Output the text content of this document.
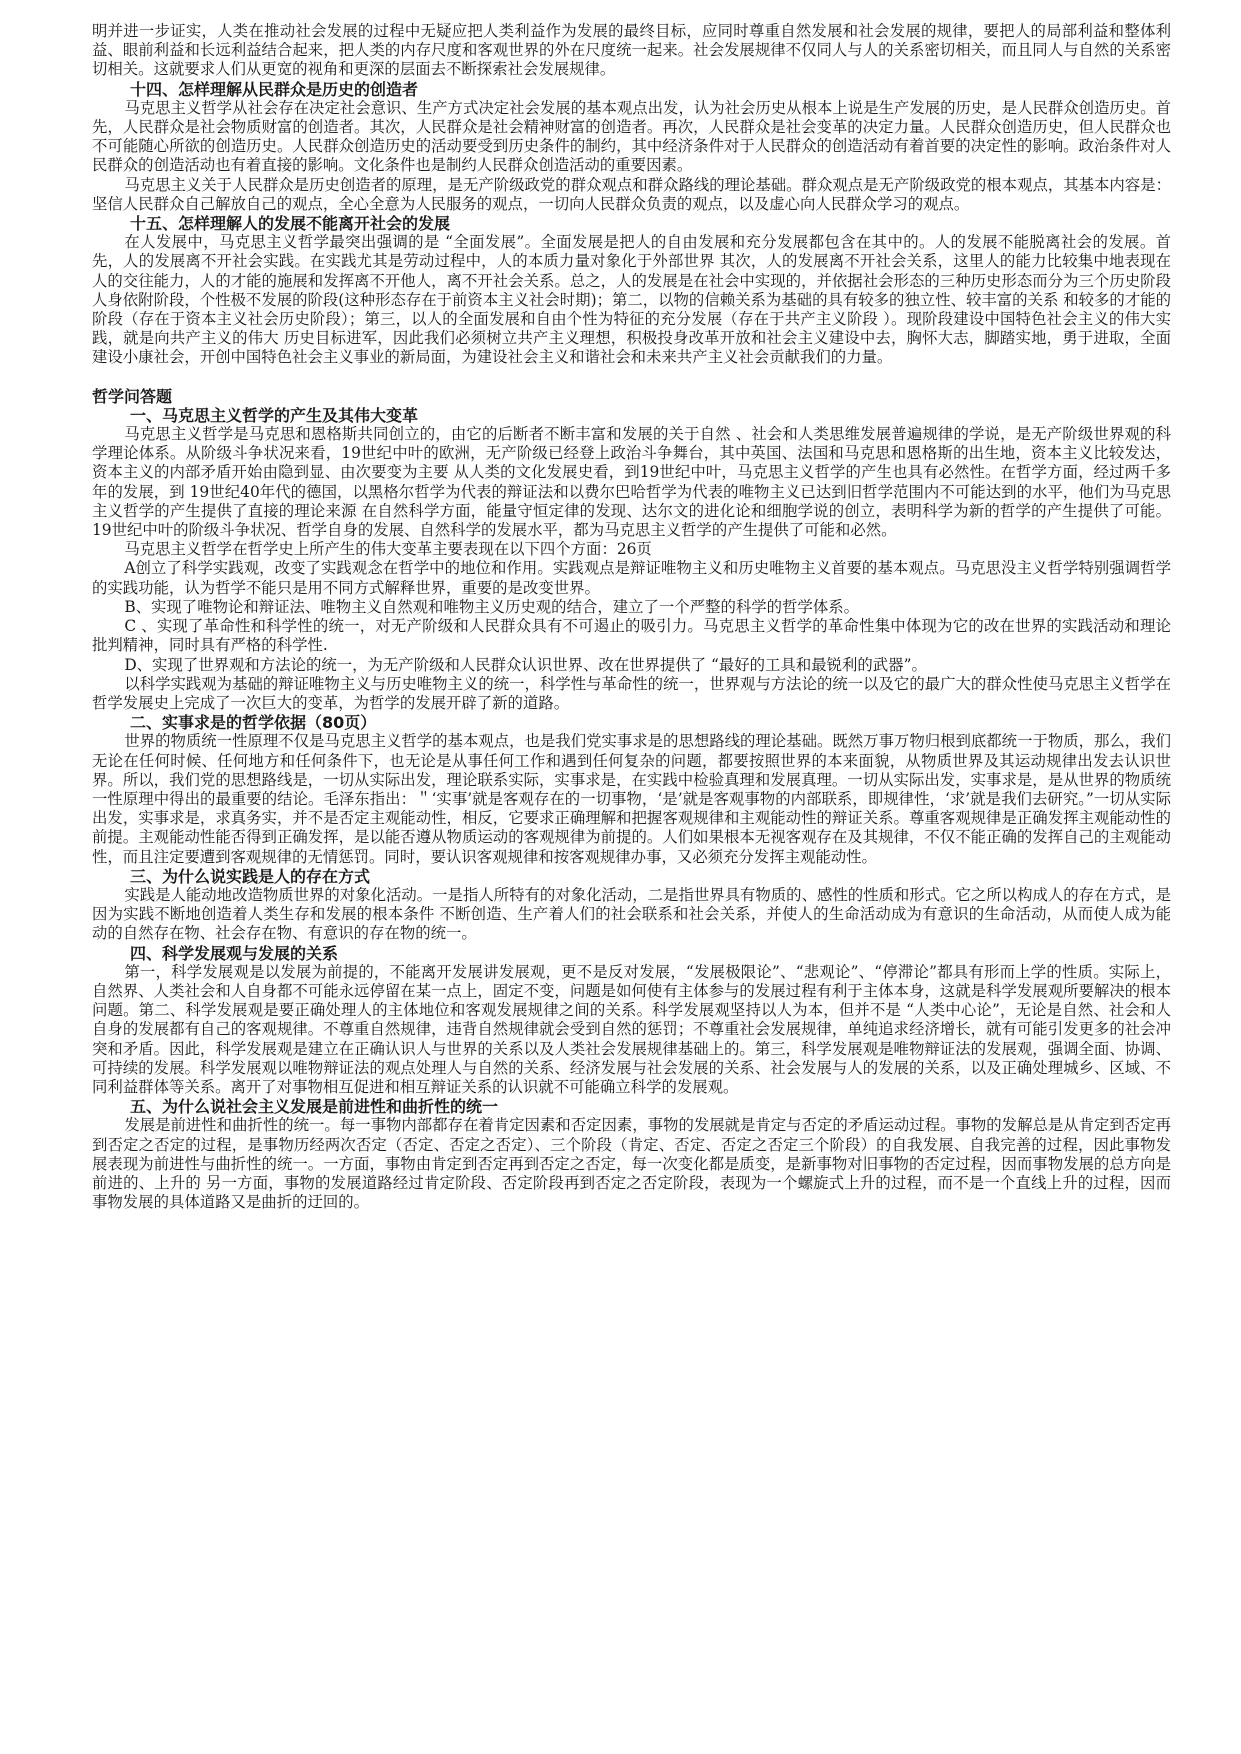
明并进一步证实，人类在推动社会发展的过程中无疑应把人类利益作为发展的最终目标，应同时尊重自然发展和社会发展的规律，要把人的局部利益和整体利益、眼前利益和长远利益结合起来，把人类的内存尺度和客观世界的外在尺度统一起来。社会发展规律不仅同人与人的关系密切相关，而且同人与自然的关系密切相关。这就要求人们从更宽的视角和更深的层面去不断探索社会发展规律。

十四、怎样理解从民群众是历史的创造者

马克思主义哲学从社会存在决定社会意识、生产方式决定社会发展的基本观点出发，认为社会历史从根本上说是生产发展的历史，是人民群众创造历史。首先，人民群众是社会物质财富的创造者。其次，人民群众是社会精神财富的创造者。再次，人民群众是社会变革的决定力量。人民群众创造历史，但人民群众也不可能随心所欲的创造历史。人民群众创造历史的活动要受到历史条件的制约，其中经济条件对于人民群众的创造活动有着首要的决定性的影响。政治条件对人民群众的创造活动也有着直接的影响。文化条件也是制约人民群众创造活动的重要因素。

马克思主义关于人民群众是历史创造者的原理，是无产阶级政党的群众观点和群众路线的理论基础。群众观点是无产阶级政党的根本观点，其基本内容是：坚信人民群众自己解放自己的观点，全心全意为人民服务的观点，一切向人民群众负责的观点，以及虚心向人民群众学习的观点。

十五、怎样理解人的发展不能离开社会的发展

在人发展中，马克思主义哲学最突出强调的是 “全面发展”。全面发展是把人的自由发展和充分发展都包含在其中的。人的发展不能脱离社会的发展。首先，人的发展离不开社会实践。在实践尤其是劳动过程中，人的本质力量对象化于外部世界 其次，人的发展离不开社会关系，这里人的能力比较集中地表现在人的交往能力，人的才能的施展和发挥离不开他人，离不开社会关系。总之，人的发展是在社会中实现的，并依据社会形态的三种历史形态而分为三个历史阶段 人身依附阶段，个性极不发展的阶段(这种形态存在于前资本主义社会时期)；第二，以物的信赖关系为基础的具有较多的独立性、较丰富的关系 和较多的才能的阶段（存在于资本主义社会历史阶段）；第三，以人的全面发展和自由个性为特征的充分发展（存在于共产主义阶段 ）。现阶段建设中国特色社会主义的伟大实践，就是向共产主义的伟大 历史目标进军，因此我们必须树立共产主义理想，积极投身改革开放和社会主义建设中去，胸怀大志，脚踏实地，勇于进取，全面建设小康社会，开创中国特色社会主义事业的新局面，为建设社会主义和谐社会和未来共产主义社会贡献我们的力量。

哲学问答题

一、马克思主义哲学的产生及其伟大变革

马克思主义哲学是马克思和恩格斯共同创立的，由它的后断者不断丰富和发展的关于自然 、社会和人类思维发展普遍规律的学说，是无产阶级世界观的科学理论体系。从阶级斗争状况来看，19世纪中叶的欧洲，无产阶级已经登上政治斗争舞台，其中英国、法国和马克思和恩格斯的出生地，资本主义比较发达，资本主义的内部矛盾开始由隐到显、由次要变为主要 从人类的文化发展史看，到19世纪中叶，马克思主义哲学的产生也具有必然性。在哲学方面，经过两千多年的发展，到 19世纪40年代的德国，以黑格尔哲学为代表的辩证法和以费尔巴哈哲学为代表的唯物主义已达到旧哲学范围内不可能达到的水平，他们为马克思主义哲学的产生提供了直接的理论来源 在自然科学方面，能量守恒定律的发现、达尔文的进化论和细胞学说的创立，表明科学为新的哲学的产生提供了可能。19世纪中叶的阶级斗争状况、哲学自身的发展、自然科学的发展水平，都为马克思主义哲学的产生提供了可能和必然。

马克思主义哲学在哲学史上所产生的伟大变革主要表现在以下四个方面：26页

A创立了科学实践观，改变了实践观念在哲学中的地位和作用。实践观点是辩证唯物主义和历史唯物主义首要的基本观点。马克思没主义哲学特别强调哲学的实践功能，认为哲学不能只是用不同方式解释世界，重要的是改变世界。

B、实现了唯物论和辩证法、唯物主义自然观和唯物主义历史观的结合，建立了一个严整的科学的哲学体系。

C 、实现了革命性和科学性的统一，对无产阶级和人民群众具有不可遏止的吸引力。马克思主义哲学的革命性集中体现为它的改在世界的实践活动和理论批判精神，同时具有严格的科学性.

D、实现了世界观和方法论的统一，为无产阶级和人民群众认识世界、改在世界提供了 “最好的工具和最锐利的武器”。

以科学实践观为基础的辩证唯物主义与历史唯物主义的统一，科学性与革命性的统一，世界观与方法论的统一以及它的最广大的群众性使马克思主义哲学在哲学发展史上完成了一次巨大的变革，为哲学的发展开辟了新的道路。

二、实事求是的哲学依据（80页）

世界的物质统一性原理不仅是马克思主义哲学的基本观点，也是我们党实事求是的思想路线的理论基础。既然万事万物归根到底都统一于物质，那么，我们无论在任何时候、任何地方和任何条件下，也无论是从事任何工作和遇到任何复杂的问题，都要按照世界的本来面貌，从物质世界及其运动规律出发去认识世界。所以，我们党的思想路线是，一切从实际出发，理论联系实际，实事求是，在实践中检验真理和发展真理。一切从实际出发，实事求是，是从世界的物质统一性原理中得出的最重要的结论。毛泽东指出：＂‘实事’就是客观存在的一切事物，‘是’就是客观事物的内部联系，即规律性，‘求’就是我们去研究。”一切从实际出发，实事求是，求真务实，并不是否定主观能动性，相反，它要求正确理解和把握客观规律和主观能动性的辩证关系。尊重客观规律是正确发挥主观能动性的前提。主观能动性能否得到正确发挥，是以能否遵从物质运动的客观规律为前提的。人们如果根本无视客观存在及其规律，不仅不能正确的发挥自己的主观能动性，而且注定要遭到客观规律的无情惩罚。同时，要认识客观规律和按客观规律办事，又必须充分发挥主观能动性。

三、为什么说实践是人的存在方式

实践是人能动地改造物质世界的对象化活动。一是指人所特有的对象化活动，二是指世界具有物质的、感性的性质和形式。它之所以构成人的存在方式，是因为实践不断地创造着人类生存和发展的根本条件 不断创造、生产着人们的社会联系和社会关系，并使人的生命活动成为有意识的生命活动，从而使人成为能动的自然存在物、社会存在物、有意识的存在物的统一。

四、科学发展观与发展的关系

第一，科学发展观是以发展为前提的，不能离开发展讲发展观，更不是反对发展，“发展极限论”、“悲观论”、“停滞论”都具有形而上学的性质。实际上，自然界、人类社会和人自身都不可能永远停留在某一点上，固定不变，问题是如何使有主体参与的发展过程有利于主体本身，这就是科学发展观所要解决的根本问题。第二、科学发展观是要正确处理人的主体地位和客观发展规律之间的关系。科学发展观坚持以人为本，但并不是 “人类中心论”，无论是自然、社会和人自身的发展都有自己的客观规律。不尊重自然规律，违背自然规律就会受到自然的惩罚；不尊重社会发展规律，单纯追求经济增长，就有可能引发更多的社会冲突和矛盾。因此，科学发展观是建立在正确认识人与世界的关系以及人类社会发展规律基础上的。第三，科学发展观是唯物辩证法的发展观，强调全面、协调、可持续的发展。科学发展观以唯物辩证法的观点处理人与自然的关系、经济发展与社会发展的关系、社会发展与人的发展的关系，以及正确处理城乡、区域、不同利益群体等关系。离开了对事物相互促进和相互辩证关系的认识就不可能确立科学的发展观。

五、为什么说社会主义发展是前进性和曲折性的统一

发展是前进性和曲折性的统一。每一事物内部都存在着肯定因素和否定因素，事物的发展就是肯定与否定的矛盾运动过程。事物的发解总是从肯定到否定再到否定之否定的过程，是事物历经两次否定（否定、否定之否定）、三个阶段（肯定、否定、否定之否定三个阶段）的自我发展、自我完善的过程，因此事物发展表现为前进性与曲折性的统一。一方面，事物由肯定到否定再到否定之否定，每一次变化都是质变，是新事物对旧事物的否定过程，因而事物发展的总方向是前进的、上升的 另一方面，事物的发展道路经过肯定阶段、否定阶段再到否定之否定阶段，表现为一个螺旋式上升的过程，而不是一个直线上升的过程，因而事物发展的具体道路又是曲折的迂回的。
